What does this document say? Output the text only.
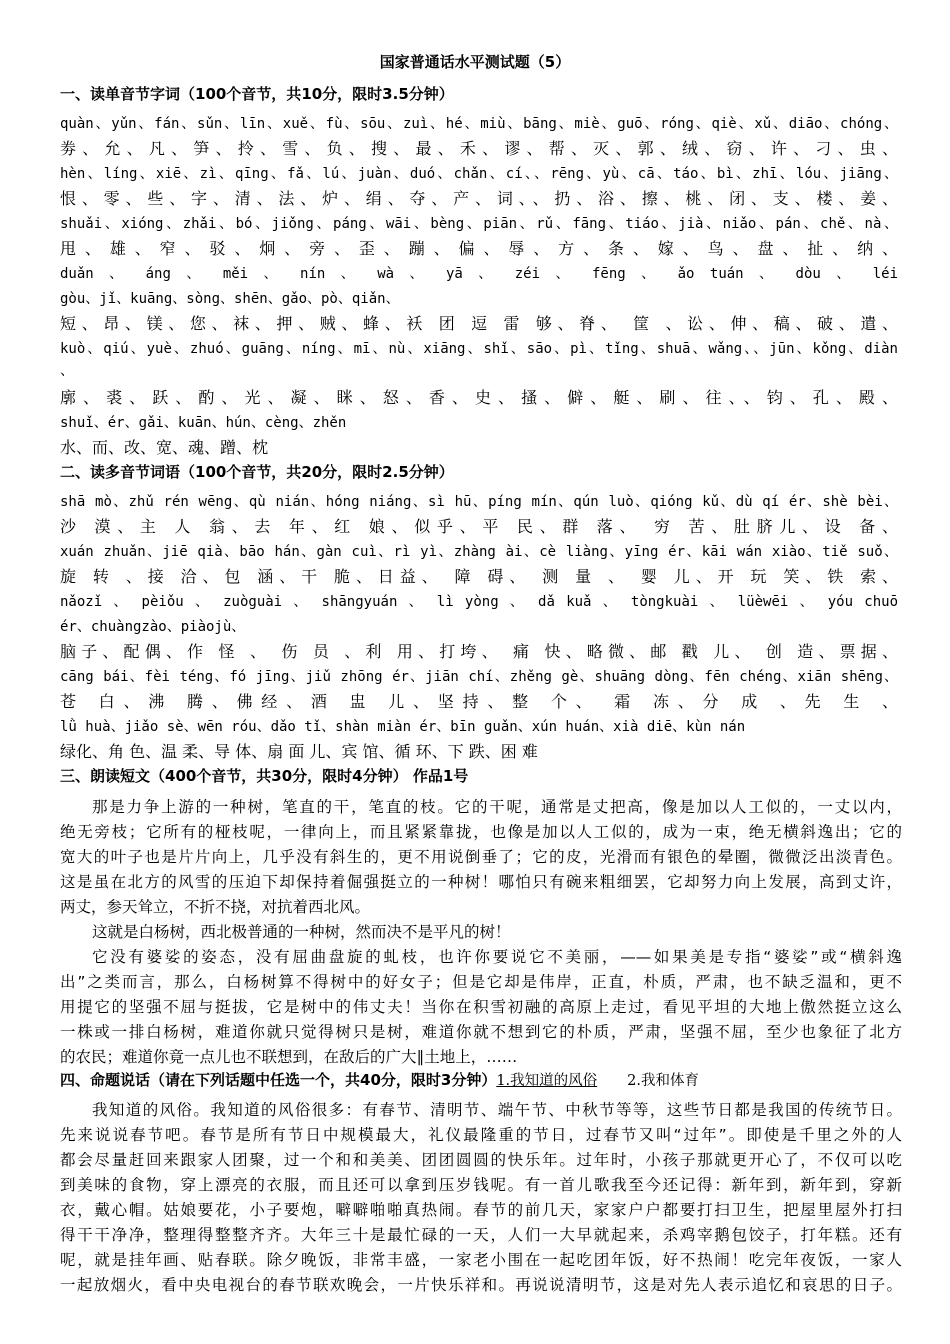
国家普通话水平测试题（5）
一、读单音节字词（100个音节，共10分，限时3.5分钟）
quàn、yǔn、fán、sǔn、līn、xuě、fù、sōu、zuì、hé、miù、bāng、miè、guō、róng、qiè、xǔ、diāo、chóng、
劵、允、凡、笋、拎、雪、负、搜、最、禾、谬、帮、灭、郭、绒、窃、许、刁、虫、
hèn、líng、xiē、zì、qīng、fǎ、lú、juàn、duó、chǎn、cí、、rēng、yù、cā、táo、bì、zhī、lóu、jiāng、
恨、零、些、字、清、法、炉、绢、夺、产、词、、扔、浴、擦、桃、闭、支、楼、姜、
shuǎi、xióng、zhǎi、bó、jiǒng、páng、wāi、bèng、piān、rǔ、fāng、tiáo、jià、niǎo、pán、chě、nà、
甩、雄、窄、驳、炯、旁、歪、蹦、偏、辱、方、条、嫁、鸟、盘、扯、纳、
duǎn 、 áng 、 měi 、 nín 、 wà 、 yā 、 zéi 、 fēng 、 ǎo tuán 、 dòu 、 léi
gòu、jǐ、kuāng、sòng、shēn、gǎo、pò、qiǎn、
短、昂、镁、您、袜、押、贼、蜂、袄 团 逗 雷 够、脊、 筐 、讼、伸、稿、破、遣、
kuò、qiú、yuè、zhuó、guāng、níng、mī、nù、xiāng、shǐ、sāo、pì、tǐng、shuā、wǎng、、jūn、kǒng、diàn
、
廓、裘、跃、酌、光、凝、眯、怒、香、史、搔、僻、艇、刷、往、、钧、孔、殿、
shuǐ、ér、gǎi、kuān、hún、cèng、zhěn
水、而、改、宽、魂、蹭、枕
二、读多音节词语（100个音节，共20分，限时2.5分钟）
shā mò、zhǔ rén wēng、qù nián、hóng niáng、sì hū、píng mín、qún luò、qióng kǔ、dù qí ér、shè bèi、
沙 漠、主 人 翁、去 年、红 娘、似乎、平 民、群 落、 穷 苦、肚脐儿、设 备、
xuán zhuǎn、jiē qià、bāo hán、gàn cuì、rì yì、zhàng ài、cè liàng、yīng ér、kāi wán xiào、tiě suǒ、
旋 转 、接 洽、包 涵、干 脆、日益、 障 碍、 测 量 、 婴 儿、开 玩 笑、铁 索、
nǎozǐ 、 pèiǒu 、 zuòguài 、 shāngyuán 、 lì yòng 、 dǎ kuǎ 、 tòngkuài 、 lüèwēi 、 yóu chuō
ér、chuàngzào、piàojù、
脑子、配偶、作 怪 、 伤 员 、利 用、打垮、 痛 快、略微、邮 戳 儿、 创 造、票据、
cāng bái、fèi téng、fó jīng、jiǔ zhōng ér、jiān chí、zhěng gè、shuāng dòng、fēn chéng、xiān shēng、
苍 白、沸 腾、佛经、酒 盅 儿、坚持、整 个、 霜 冻、分 成 、先 生 、
lǜ huà、jiǎo sè、wēn róu、dǎo tǐ、shàn miàn ér、bīn guǎn、xún huán、xià diē、kùn nán
绿化、角 色、温 柔、导 体、扇 面 儿、宾 馆、循 环、下 跌、困 难
三、朗读短文（400个音节，共30分，限时4分钟） 作品1号
那是力争上游的一种树，笔直的干，笔直的枝。它的干呢，通常是丈把高，像是加以人工似的，一丈以内，
绝无旁枝；它所有的桠枝呢，一律向上，而且紧紧靠拢，也像是加以人工似的，成为一束，绝无横斜逸出；它的
宽大的叶子也是片片向上，几乎没有斜生的，更不用说倒垂了；它的皮，光滑而有银色的晕圈，微微泛出淡青色。
这是虽在北方的风雪的压迫下却保持着倔强挺立的一种树！哪怕只有碗来粗细罢，它却努力向上发展，高到丈许，
两丈，参天耸立，不折不挠，对抗着西北风。
这就是白杨树，西北极普通的一种树，然而决不是平凡的树！
它没有婆娑的姿态，没有屈曲盘旋的虬枝，也许你要说它不美丽，——如果美是专指“婆娑”或“横斜逸
出”之类而言，那么，白杨树算不得树中的好女子；但是它却是伟岸，正直，朴质，严肃，也不缺乏温和，更不
用提它的坚强不屈与挺拔，它是树中的伟丈夫！当你在积雪初融的高原上走过，看见平坦的大地上傲然挺立这么
一株或一排白杨树，难道你就只觉得树只是树，难道你就不想到它的朴质，严肃，坚强不屈，至少也象征了北方
的农民；难道你竟一点儿也不联想到，在敌后的广大∥土地上，……
四、命题说话（请在下列话题中任选一个，共40分，限时3分钟）1.我知道的风俗 2.我和体育
我知道的风俗。我知道的风俗很多：有春节、清明节、端午节、中秋节等等，这些节日都是我国的传统节日。
先来说说春节吧。春节是所有节日中规模最大，礼仪最隆重的节日，过春节又叫“过年”。即使是千里之外的人
都会尽量赶回来跟家人团聚，过一个和和美美、团团圆圆的快乐年。过年时，小孩子那就更开心了，不仅可以吃
到美味的食物，穿上漂亮的衣服，而且还可以拿到压岁钱呢。有一首儿歌我至今还记得：新年到，新年到，穿新
衣，戴心帽。姑娘要花，小子要炮，噼噼啪啪真热闹。春节的前几天，家家户户都要打扫卫生，把屋里屋外打扫
得干干净净，整理得整整齐齐。大年三十是最忙碌的一天，人们一大早就起来，杀鸡宰鹅包饺子，打年糕。还有
呢，就是挂年画、贴春联。除夕晚饭，非常丰盛，一家老小围在一起吃团年饭，好不热闹！吃完年夜饭，一家人
一起放烟火，看中央电视台的春节联欢晚会，一片快乐祥和。再说说清明节，这是对先人表示追忆和哀思的日子。
